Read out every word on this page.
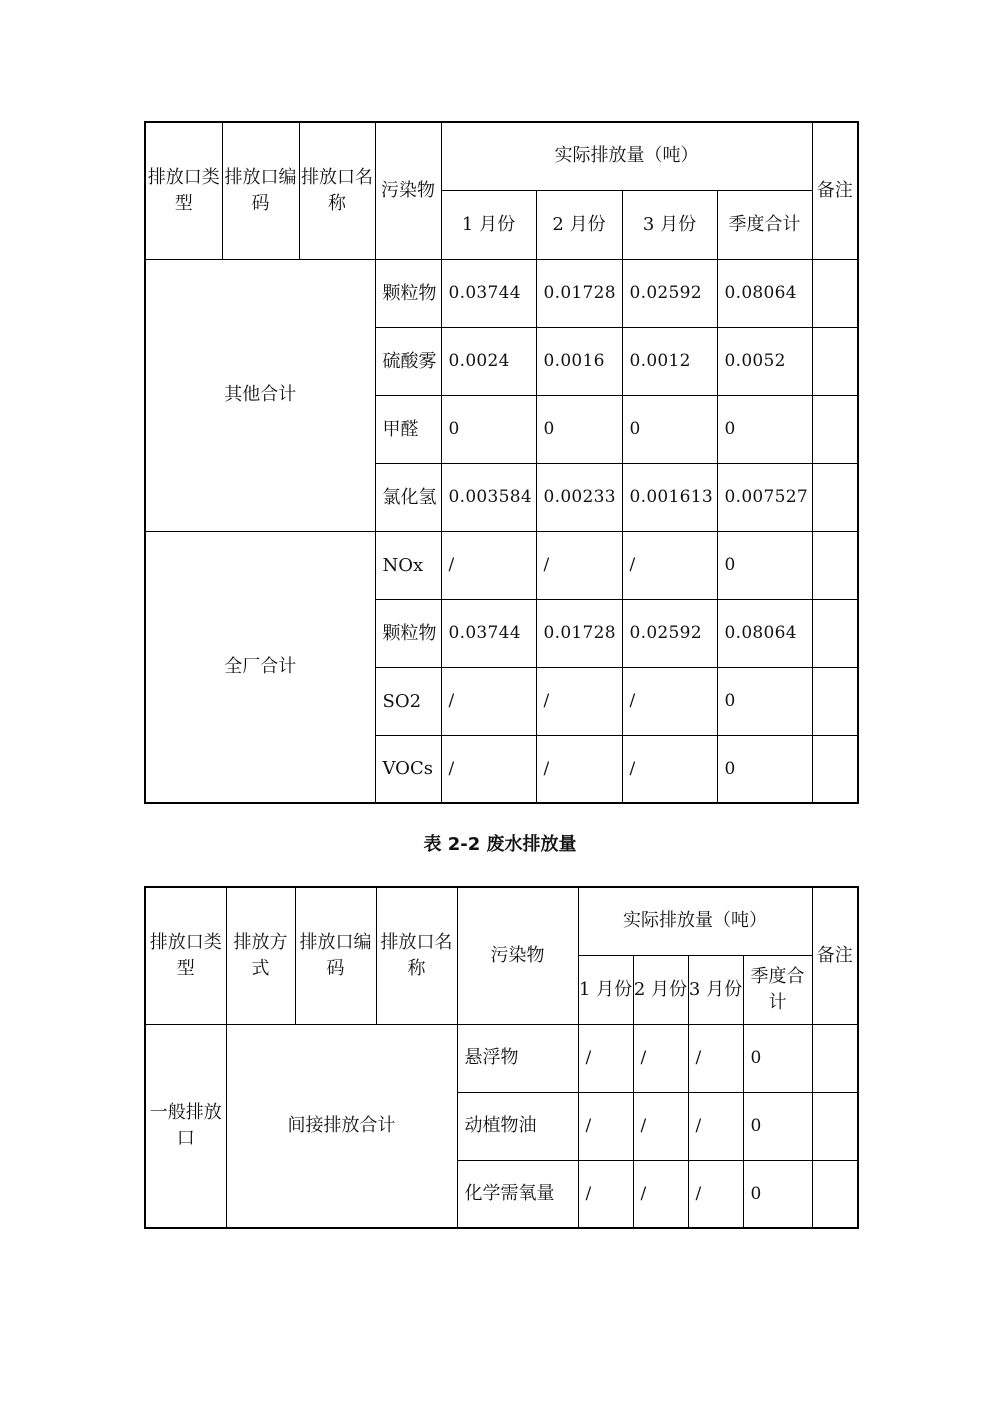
排放口类型	排放口编码	排放口名称	污染物	实际排放量（吨）				备注
				1 月份	2 月份	3 月份	季度合计	
其他合计			颗粒物	0.03744	0.01728	0.02592	0.08064	
			硫酸雾	0.0024	0.0016	0.0012	0.0052	
			甲醛	0	0	0	0	
			氯化氢	0.003584	0.00233	0.001613	0.007527	
全厂合计			NOx	/	/	/	0	
			颗粒物	0.03744	0.01728	0.02592	0.08064	
			SO2	/	/	/	0	
			VOCs	/	/	/	0	
表 2-2 废水排放量
排放口类型	排放方式	排放口编码	排放口名称	污染物	实际排放量（吨）				备注
					1 月份	2 月份	3 月份	季度合计	
一般排放口	间接排放合计			悬浮物	/	/	/	0	
				动植物油	/	/	/	0	
				化学需氧量	/	/	/	0	
